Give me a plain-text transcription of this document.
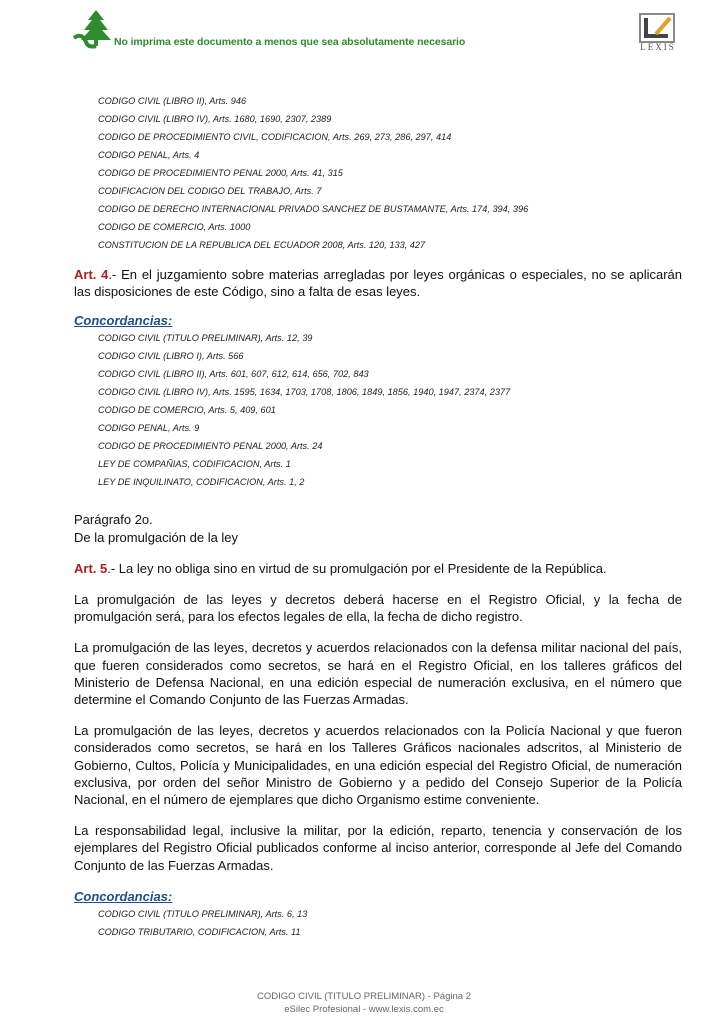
No imprima este documento a menos que sea absolutamente necesario	LEXIS
CODIGO CIVIL (LIBRO II), Arts. 946
CODIGO CIVIL (LIBRO IV), Arts. 1680, 1690, 2307, 2389
CODIGO DE PROCEDIMIENTO CIVIL, CODIFICACION, Arts. 269, 273, 286, 297, 414
CODIGO PENAL, Arts. 4
CODIGO DE PROCEDIMIENTO PENAL 2000, Arts. 41, 315
CODIFICACION DEL CODIGO DEL TRABAJO, Arts. 7
CODIGO DE DERECHO INTERNACIONAL PRIVADO SANCHEZ DE BUSTAMANTE, Arts. 174, 394, 396
CODIGO DE COMERCIO, Arts. 1000
CONSTITUCION DE LA REPUBLICA DEL ECUADOR 2008, Arts. 120, 133, 427

Art. 4.- En el juzgamiento sobre materias arregladas por leyes orgánicas o especiales, no se aplicarán las disposiciones de este Código, sino a falta de esas leyes.

Concordancias:

CODIGO CIVIL (TITULO PRELIMINAR), Arts. 12, 39
CODIGO CIVIL (LIBRO I), Arts. 566
CODIGO CIVIL (LIBRO II), Arts. 601, 607, 612, 614, 656, 702, 843
CODIGO CIVIL (LIBRO IV), Arts. 1595, 1634, 1703, 1708, 1806, 1849, 1856, 1940, 1947, 2374, 2377
CODIGO DE COMERCIO, Arts. 5, 409, 601
CODIGO PENAL, Arts. 9
CODIGO DE PROCEDIMIENTO PENAL 2000, Arts. 24
LEY DE COMPAÑIAS, CODIFICACION, Arts. 1
LEY DE INQUILINATO, CODIFICACION, Arts. 1, 2

Parágrafo 2o.

De la promulgación de la ley

Art. 5.- La ley no obliga sino en virtud de su promulgación por el Presidente de la República.

La promulgación de las leyes y decretos deberá hacerse en el Registro Oficial, y la fecha de promulgación será, para los efectos legales de ella, la fecha de dicho registro.

La promulgación de las leyes, decretos y acuerdos relacionados con la defensa militar nacional del país, que fueren considerados como secretos, se hará en el Registro Oficial, en los talleres gráficos del Ministerio de Defensa Nacional, en una edición especial de numeración exclusiva, en el número que determine el Comando Conjunto de las Fuerzas Armadas.

La promulgación de las leyes, decretos y acuerdos relacionados con la Policía Nacional y que fueron considerados como secretos, se hará en los Talleres Gráficos nacionales adscritos, al Ministerio de Gobierno, Cultos, Policía y Municipalidades, en una edición especial del Registro Oficial, de numeración exclusiva, por orden del señor Ministro de Gobierno y a pedido del Consejo Superior de la Policía Nacional, en el número de ejemplares que dicho Organismo estime conveniente.

La responsabilidad legal, inclusive la militar, por la edición, reparto, tenencia y conservación de los ejemplares del Registro Oficial publicados conforme al inciso anterior, corresponde al Jefe del Comando Conjunto de las Fuerzas Armadas.

Concordancias:

CODIGO CIVIL (TITULO PRELIMINAR), Arts. 6, 13
CODIGO TRIBUTARIO, CODIFICACION, Arts. 11
CODIGO CIVIL (TITULO PRELIMINAR) - Página 2
eSilec Profesional - www.lexis.com.ec
